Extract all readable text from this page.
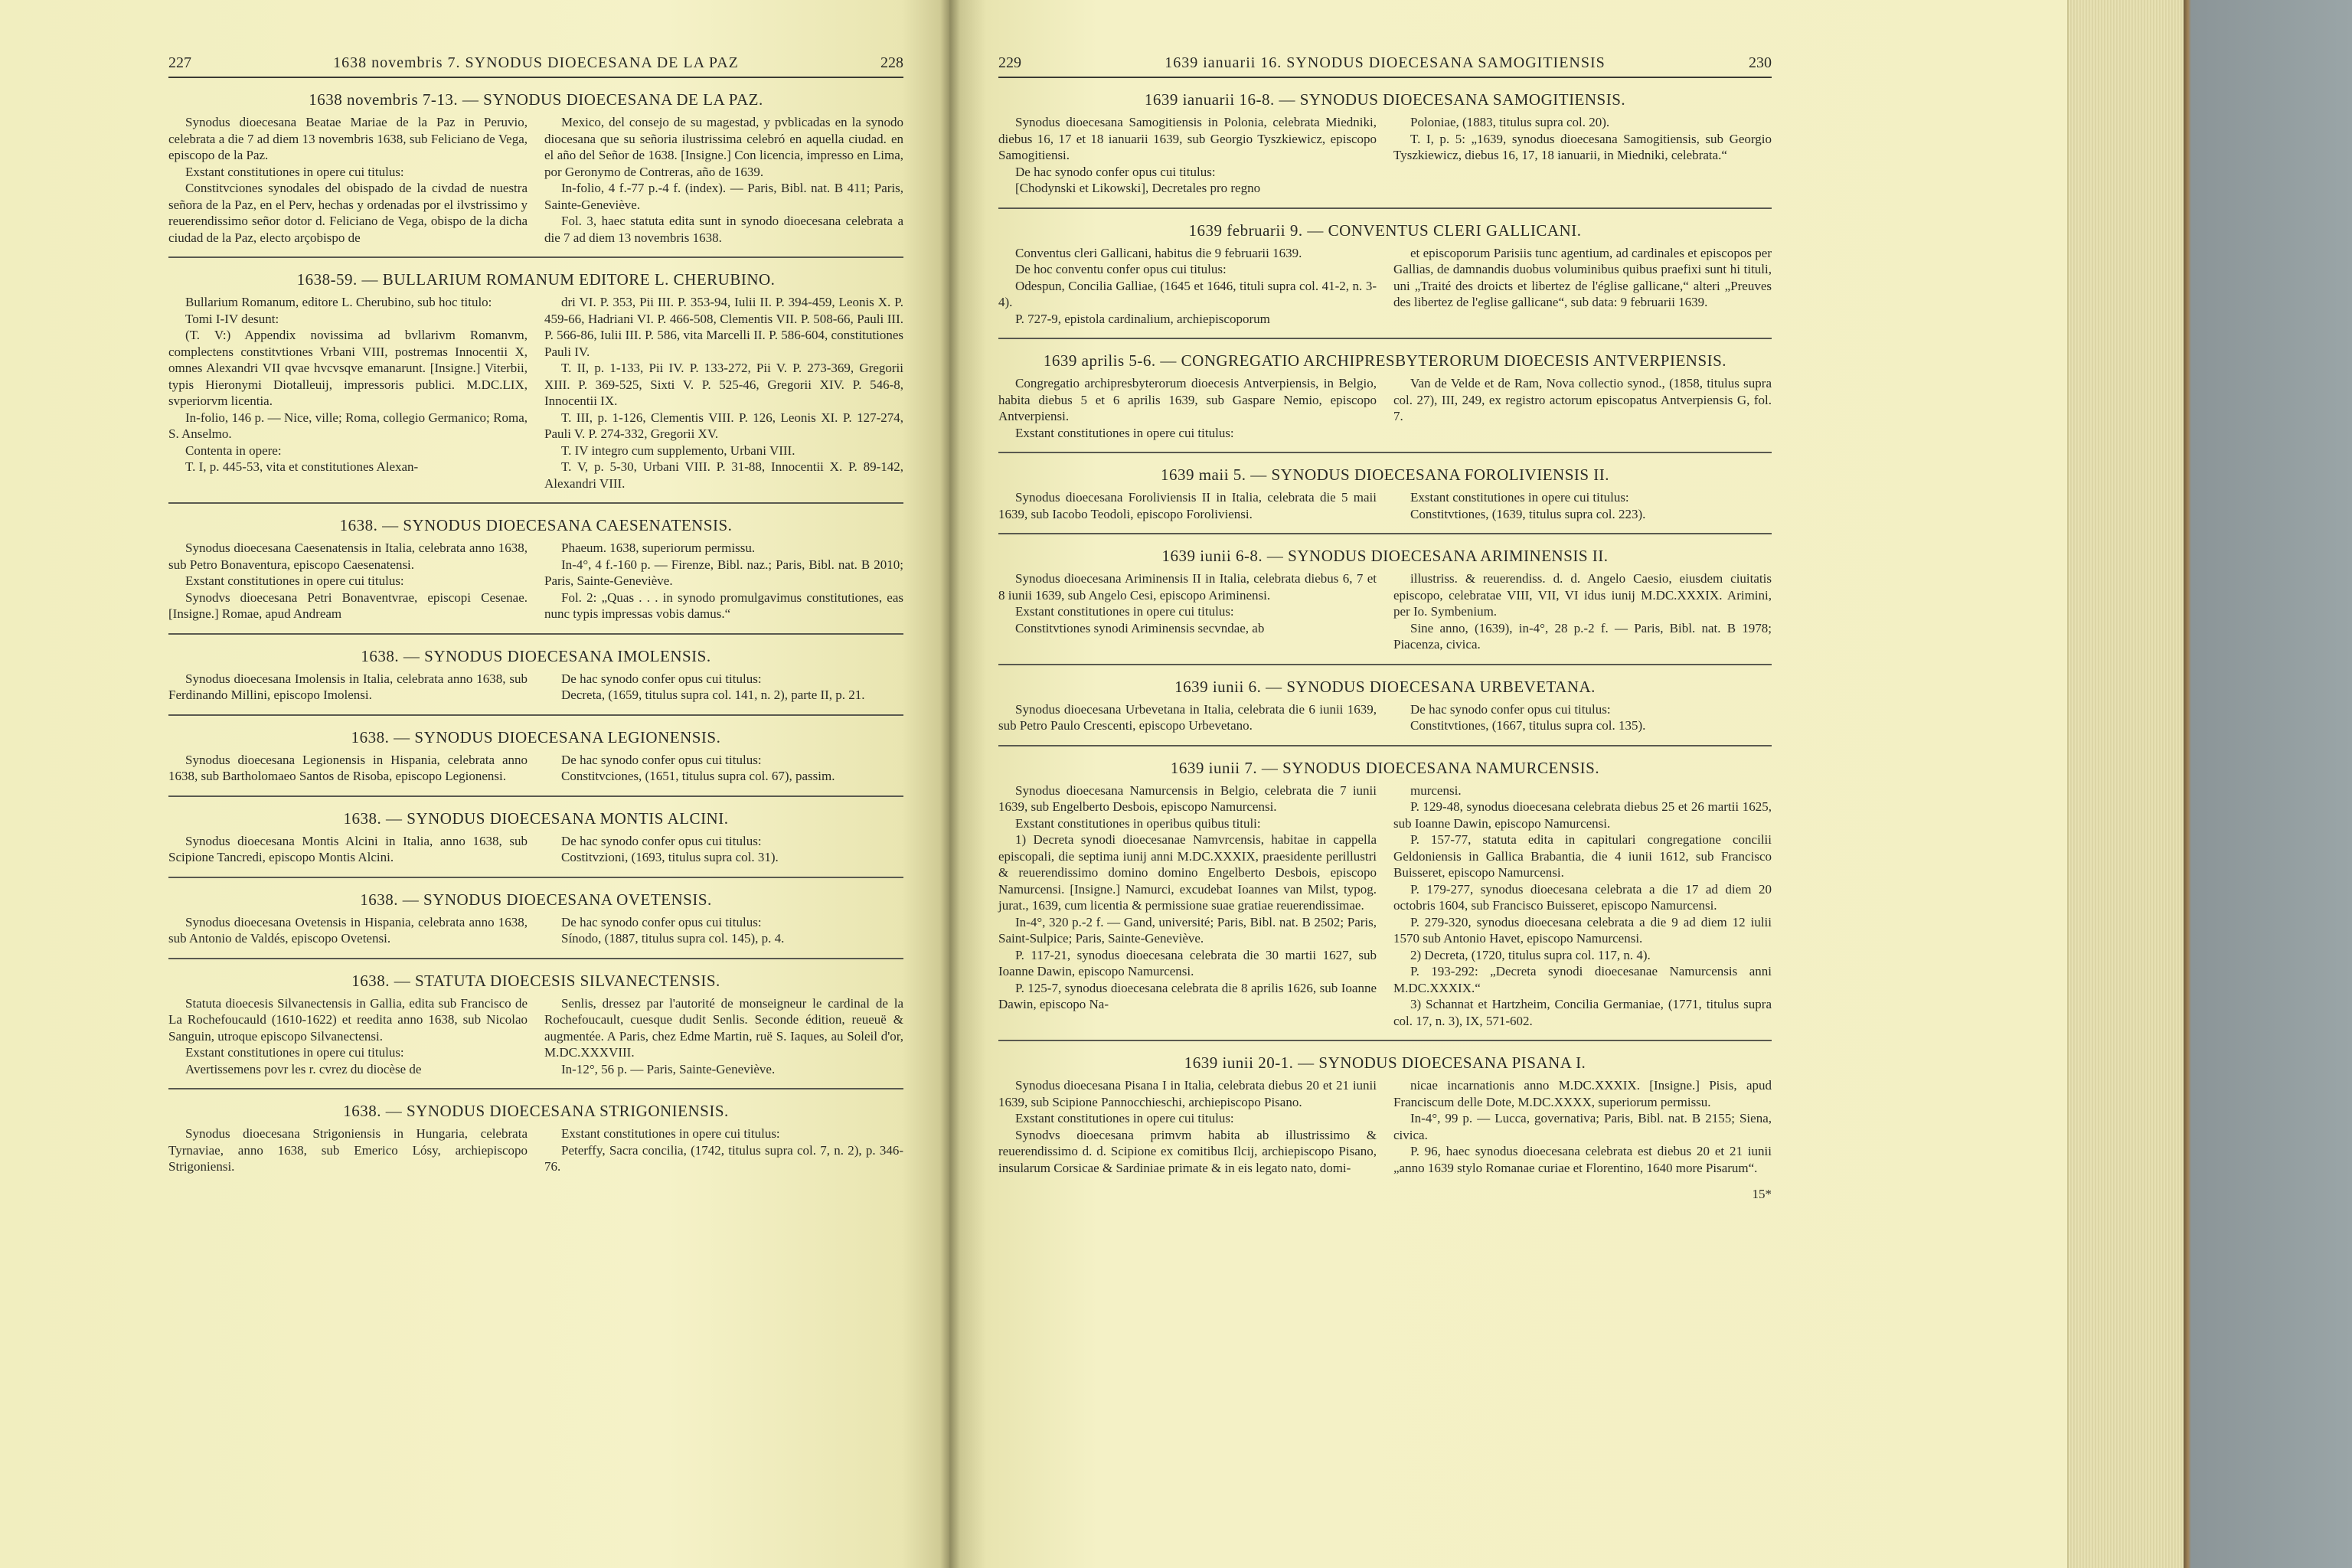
227	1638 novembris 7. SYNODUS DIOECESANA DE LA PAZ	228
1638 novembris 7-13. — SYNODUS DIOECESANA DE LA PAZ.

Synodus dioecesana Beatae Mariae de la Paz in Peruvio, celebrata a die 7 ad diem 13 novembris 1638, sub Feliciano de Vega, episcopo de la Paz.

Exstant constitutiones in opere cui titulus:

Constitvciones synodales del obispado de la civdad de nuestra señora de la Paz, en el Perv, hechas y ordenadas por el ilvstrissimo y reuerendissimo señor dotor d. Feliciano de Vega, obispo de la dicha ciudad de la Paz, electo arçobispo de

Mexico, del consejo de su magestad, y pvblicadas en la synodo diocesana que su señoria ilustrissima celebró en aquella ciudad. en el año del Señor de 1638. [Insigne.] Con licencia, impresso en Lima, por Geronymo de Contreras, año de 1639.

In-folio, 4 f.-77 p.-4 f. (index). — Paris, Bibl. nat. B 411; Paris, Sainte-Geneviève.

Fol. 3, haec statuta edita sunt in synodo dioecesana celebrata a die 7 ad diem 13 novembris 1638.

1638-59. — BULLARIUM ROMANUM EDITORE L. CHERUBINO.

Bullarium Romanum, editore L. Cherubino, sub hoc titulo:

Tomi I-IV desunt:

(T. V:) Appendix novissima ad bvllarivm Romanvm, complectens constitvtiones Vrbani VIII, postremas Innocentii X, omnes Alexandri VII qvae hvcvsqve emanarunt. [Insigne.] Viterbii, typis Hieronymi Diotalleuij, impressoris publici. M.DC.LIX, svperiorvm licentia.

In-folio, 146 p. — Nice, ville; Roma, collegio Germanico; Roma, S. Anselmo.

Contenta in opere:

T. I, p. 445-53, vita et constitutiones Alexan-

dri VI. P. 353, Pii III. P. 353-94, Iulii II. P. 394-459, Leonis X. P. 459-66, Hadriani VI. P. 466-508, Clementis VII. P. 508-66, Pauli III. P. 566-86, Iulii III. P. 586, vita Marcelli II. P. 586-604, constitutiones Pauli IV.

T. II, p. 1-133, Pii IV. P. 133-272, Pii V. P. 273-369, Gregorii XIII. P. 369-525, Sixti V. P. 525-46, Gregorii XIV. P. 546-8, Innocentii IX.

T. III, p. 1-126, Clementis VIII. P. 126, Leonis XI. P. 127-274, Pauli V. P. 274-332, Gregorii XV.

T. IV integro cum supplemento, Urbani VIII.

T. V, p. 5-30, Urbani VIII. P. 31-88, Innocentii X. P. 89-142, Alexandri VIII.

1638. — SYNODUS DIOECESANA CAESENATENSIS.

Synodus dioecesana Caesenatensis in Italia, celebrata anno 1638, sub Petro Bonaventura, episcopo Caesenatensi.

Exstant constitutiones in opere cui titulus:

Synodvs dioecesana Petri Bonaventvrae, episcopi Cesenae. [Insigne.] Romae, apud Andream

Phaeum. 1638, superiorum permissu.

In-4°, 4 f.-160 p. — Firenze, Bibl. naz.; Paris, Bibl. nat. B 2010; Paris, Sainte-Geneviève.

Fol. 2: „Quas . . . in synodo promulgavimus constitutiones, eas nunc typis impressas vobis damus.“

1638. — SYNODUS DIOECESANA IMOLENSIS.

Synodus dioecesana Imolensis in Italia, celebrata anno 1638, sub Ferdinando Millini, episcopo Imolensi.

De hac synodo confer opus cui titulus:

Decreta, (1659, titulus supra col. 141, n. 2), parte II, p. 21.

1638. — SYNODUS DIOECESANA LEGIONENSIS.

Synodus dioecesana Legionensis in Hispania, celebrata anno 1638, sub Bartholomaeo Santos de Risoba, episcopo Legionensi.

De hac synodo confer opus cui titulus:

Constitvciones, (1651, titulus supra col. 67), passim.

1638. — SYNODUS DIOECESANA MONTIS ALCINI.

Synodus dioecesana Montis Alcini in Italia, anno 1638, sub Scipione Tancredi, episcopo Montis Alcini.

De hac synodo confer opus cui titulus:

Costitvzioni, (1693, titulus supra col. 31).

1638. — SYNODUS DIOECESANA OVETENSIS.

Synodus dioecesana Ovetensis in Hispania, celebrata anno 1638, sub Antonio de Valdés, episcopo Ovetensi.

De hac synodo confer opus cui titulus:

Sínodo, (1887, titulus supra col. 145), p. 4.

1638. — STATUTA DIOECESIS SILVANECTENSIS.

Statuta dioecesis Silvanectensis in Gallia, edita sub Francisco de La Rochefoucauld (1610-1622) et reedita anno 1638, sub Nicolao Sanguin, utroque episcopo Silvanectensi.

Exstant constitutiones in opere cui titulus:

Avertissemens povr les r. cvrez du diocèse de

Senlis, dressez par l'autorité de monseigneur le cardinal de la Rochefoucault, cuesque dudit Senlis. Seconde édition, reueuë & augmentée. A Paris, chez Edme Martin, ruë S. Iaques, au Soleil d'or, M.DC.XXXVIII.

In-12°, 56 p. — Paris, Sainte-Geneviève.

1638. — SYNODUS DIOECESANA STRIGONIENSIS.

Synodus dioecesana Strigoniensis in Hungaria, celebrata Tyrnaviae, anno 1638, sub Emerico Lósy, archiepiscopo Strigoniensi.

Exstant constitutiones in opere cui titulus:

Peterffy, Sacra concilia, (1742, titulus supra col. 7, n. 2), p. 346-76.

229	1639 ianuarii 16. SYNODUS DIOECESANA SAMOGITIENSIS	230
1639 ianuarii 16-8. — SYNODUS DIOECESANA SAMOGITIENSIS.

Synodus dioecesana Samogitiensis in Polonia, celebrata Miedniki, diebus 16, 17 et 18 ianuarii 1639, sub Georgio Tyszkiewicz, episcopo Samogitiensi.

De hac synodo confer opus cui titulus:

[Chodynski et Likowski], Decretales pro regno

Poloniae, (1883, titulus supra col. 20).

T. I, p. 5: „1639, synodus dioecesana Samogitiensis, sub Georgio Tyszkiewicz, diebus 16, 17, 18 ianuarii, in Miedniki, celebrata.“

1639 februarii 9. — CONVENTUS CLERI GALLICANI.

Conventus cleri Gallicani, habitus die 9 februarii 1639.

De hoc conventu confer opus cui titulus:

Odespun, Concilia Galliae, (1645 et 1646, tituli supra col. 41-2, n. 3-4).

P. 727-9, epistola cardinalium, archiepiscoporum

et episcoporum Parisiis tunc agentium, ad cardinales et episcopos per Gallias, de damnandis duobus voluminibus quibus praefixi sunt hi tituli, uni „Traité des droicts et libertez de l'église gallicane,“ alteri „Preuves des libertez de l'eglise gallicane“, sub data: 9 februarii 1639.

1639 aprilis 5-6. — CONGREGATIO ARCHIPRESBYTERORUM DIOECESIS ANTVERPIENSIS.

Congregatio archipresbyterorum dioecesis Antverpiensis, in Belgio, habita diebus 5 et 6 aprilis 1639, sub Gaspare Nemio, episcopo Antverpiensi.

Exstant constitutiones in opere cui titulus:

Van de Velde et de Ram, Nova collectio synod., (1858, titulus supra col. 27), III, 249, ex registro actorum episcopatus Antverpiensis G, fol. 7.

1639 maii 5. — SYNODUS DIOECESANA FOROLIVIENSIS II.

Synodus dioecesana Foroliviensis II in Italia, celebrata die 5 maii 1639, sub Iacobo Teodoli, episcopo Foroliviensi.

Exstant constitutiones in opere cui titulus:

Constitvtiones, (1639, titulus supra col. 223).

1639 iunii 6-8. — SYNODUS DIOECESANA ARIMINENSIS II.

Synodus dioecesana Ariminensis II in Italia, celebrata diebus 6, 7 et 8 iunii 1639, sub Angelo Cesi, episcopo Ariminensi.

Exstant constitutiones in opere cui titulus:

Constitvtiones synodi Ariminensis secvndae, ab

illustriss. & reuerendiss. d. d. Angelo Caesio, eiusdem ciuitatis episcopo, celebratae VIII, VII, VI idus iunij M.DC.XXXIX. Arimini, per Io. Symbenium.

Sine anno, (1639), in-4°, 28 p.-2 f. — Paris, Bibl. nat. B 1978; Piacenza, civica.

1639 iunii 6. — SYNODUS DIOECESANA URBEVETANA.

Synodus dioecesana Urbevetana in Italia, celebrata die 6 iunii 1639, sub Petro Paulo Crescenti, episcopo Urbevetano.

De hac synodo confer opus cui titulus:

Constitvtiones, (1667, titulus supra col. 135).

1639 iunii 7. — SYNODUS DIOECESANA NAMURCENSIS.

Synodus dioecesana Namurcensis in Belgio, celebrata die 7 iunii 1639, sub Engelberto Desbois, episcopo Namurcensi.

Exstant constitutiones in operibus quibus tituli:

1) Decreta synodi dioecesanae Namvrcensis, habitae in cappella episcopali, die septima iunij anni M.DC.XXXIX, praesidente perillustri & reuerendissimo domino domino Engelberto Desbois, episcopo Namurcensi. [Insigne.] Namurci, excudebat Ioannes van Milst, typog. jurat., 1639, cum licentia & permissione suae gratiae reuerendissimae.

In-4°, 320 p.-2 f. — Gand, université; Paris, Bibl. nat. B 2502; Paris, Saint-Sulpice; Paris, Sainte-Geneviève.

P. 117-21, synodus dioecesana celebrata die 30 martii 1627, sub Ioanne Dawin, episcopo Namurcensi.

P. 125-7, synodus dioecesana celebrata die 8 aprilis 1626, sub Ioanne Dawin, episcopo Na-

murcensi.

P. 129-48, synodus dioecesana celebrata diebus 25 et 26 martii 1625, sub Ioanne Dawin, episcopo Namurcensi.

P. 157-77, statuta edita in capitulari congregatione concilii Geldoniensis in Gallica Brabantia, die 4 iunii 1612, sub Francisco Buisseret, episcopo Namurcensi.

P. 179-277, synodus dioecesana celebrata a die 17 ad diem 20 octobris 1604, sub Francisco Buisseret, episcopo Namurcensi.

P. 279-320, synodus dioecesana celebrata a die 9 ad diem 12 iulii 1570 sub Antonio Havet, episcopo Namurcensi.

2) Decreta, (1720, titulus supra col. 117, n. 4).

P. 193-292: „Decreta synodi dioecesanae Namurcensis anni M.DC.XXXIX.“

3) Schannat et Hartzheim, Concilia Germaniae, (1771, titulus supra col. 17, n. 3), IX, 571-602.

1639 iunii 20-1. — SYNODUS DIOECESANA PISANA I.

Synodus dioecesana Pisana I in Italia, celebrata diebus 20 et 21 iunii 1639, sub Scipione Pannocchieschi, archiepiscopo Pisano.

Exstant constitutiones in opere cui titulus:

Synodvs dioecesana primvm habita ab illustrissimo & reuerendissimo d. d. Scipione ex comitibus Ilcij, archiepiscopo Pisano, insularum Corsicae & Sardiniae primate & in eis legato nato, domi-

nicae incarnationis anno M.DC.XXXIX. [Insigne.] Pisis, apud Franciscum delle Dote, M.DC.XXXX, superiorum permissu.

In-4°, 99 p. — Lucca, governativa; Paris, Bibl. nat. B 2155; Siena, civica.

P. 96, haec synodus dioecesana celebrata est diebus 20 et 21 iunii „anno 1639 stylo Romanae curiae et Florentino, 1640 more Pisarum“.

15*
